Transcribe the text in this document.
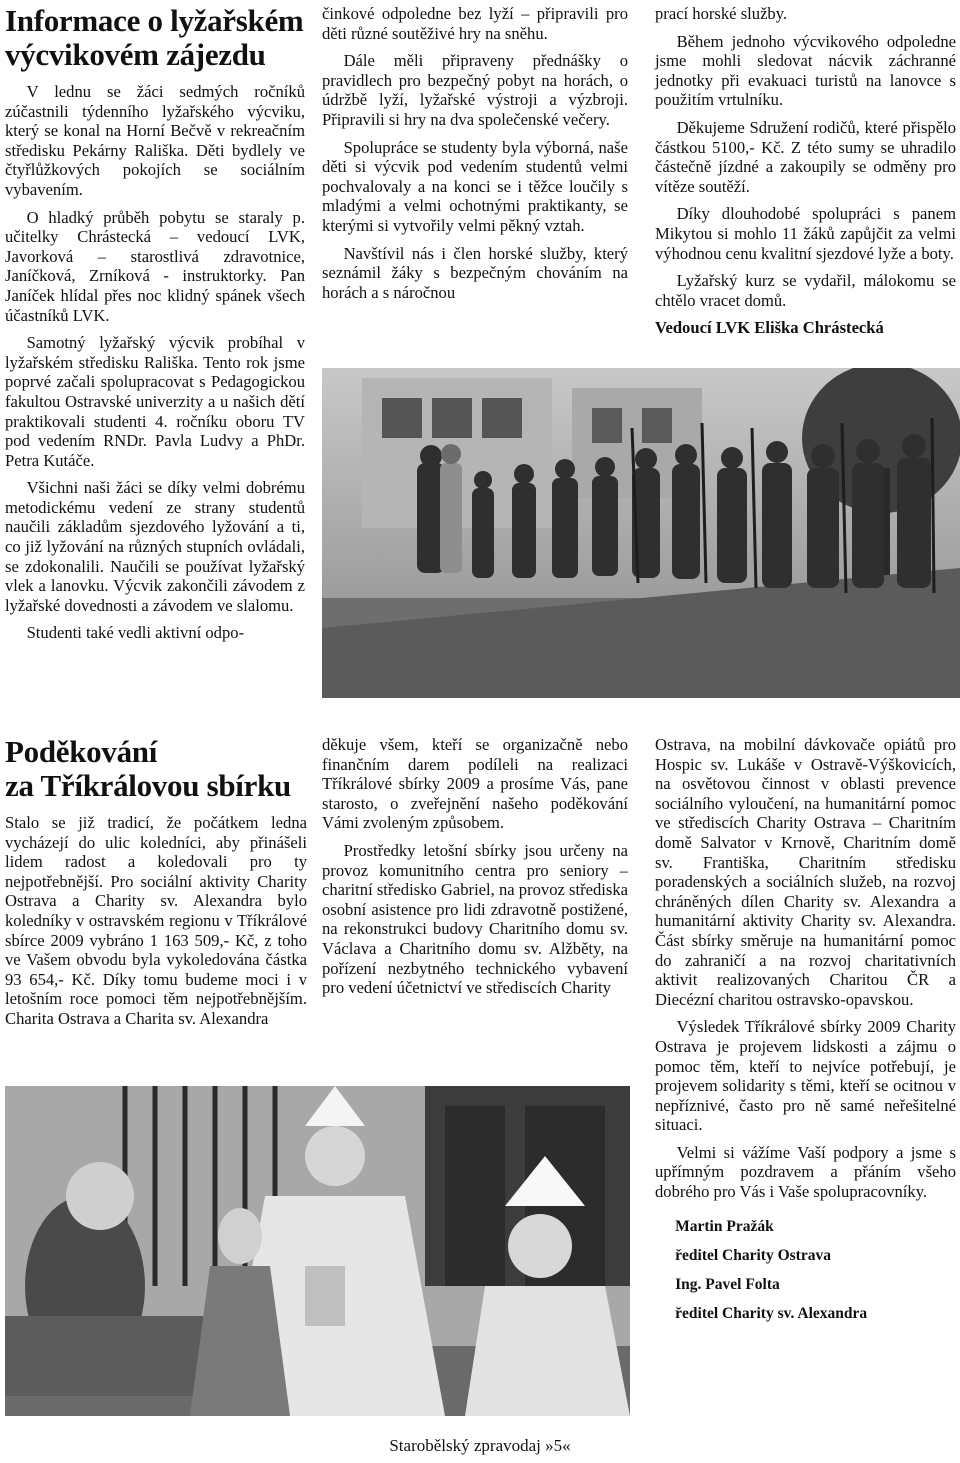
Informace o lyžařském
výcvikovém zájezdu

V lednu se žáci sedmých ročníků zúčastnili týdenního lyžařského výcviku, který se konal na Horní Bečvě v rekreačním středisku Pekárny Rališka. Děti bydlely ve čtyřlůžkových pokojích se sociálním vybavením.

O hladký průběh pobytu se staraly p. učitelky Chrástecká – vedoucí LVK, Javorková – starostlivá zdravotnice, Janíčková, Zrníková - instruktorky. Pan Janíček hlídal přes noc klidný spánek všech účastníků LVK.

Samotný lyžařský výcvik probíhal v lyžařském středisku Rališka. Tento rok jsme poprvé začali spolupracovat s Pedagogickou fakultou Ostravské univerzity a u našich dětí praktikovali studenti 4. ročníku oboru TV pod vedením RNDr. Pavla Ludvy a PhDr. Petra Kutáče.

Všichni naši žáci se díky velmi dobrému metodickému vedení ze strany studentů naučili základům sjezdového lyžování a ti, co již lyžování na různých stupních ovládali, se zdokonalili. Naučili se používat lyžařský vlek a lanovku. Výcvik zakončili závodem z lyžařské dovednosti a závodem ve slalomu.

Studenti také vedli aktivní odpo-

činkové odpoledne bez lyží – připravili pro děti různé soutěživé hry na sněhu.

Dále měli připraveny přednášky o pravidlech pro bezpečný pobyt na horách, o údržbě lyží, lyžařské výstroji a výzbroji. Připravili si hry na dva společenské večery.

Spolupráce se studenty byla výborná, naše děti si výcvik pod vedením studentů velmi pochvalovaly a na konci se i těžce loučily s mladými a velmi ochotnými praktikanty, se kterými si vytvořily velmi pěkný vztah.

Navštívil nás i člen horské služby, který seznámil žáky s bezpečným chováním na horách a s náročnou

prací horské služby.

Během jednoho výcvikového odpoledne jsme mohli sledovat nácvik záchranné jednotky při evakuaci turistů na lanovce s použitím vrtulníku.

Děkujeme Sdružení rodičů, které přispělo částkou 5100,- Kč. Z této sumy se uhradilo částečně jízdné a zakoupily se odměny pro vítěze soutěží.

Díky dlouhodobé spolupráci s panem Mikytou si mohlo 11 žáků zapůjčit za velmi výhodnou cenu kvalitní sjezdové lyže a boty.

Lyžařský kurz se vydařil, málokomu se chtělo vracet domů.

Vedoucí LVK Eliška Chrástecká

Poděkování
za Tříkrálovou sbírku

Stalo se již tradicí, že počátkem ledna vycházejí do ulic koledníci, aby přinášeli lidem radost a koledovali pro ty nejpotřebnější. Pro sociální aktivity Charity Ostrava a Charity sv. Alexandra bylo koledníky v ostravském regionu v Tříkrálové sbírce 2009 vybráno 1 163 509,- Kč, z toho ve Vašem obvodu byla vykoledována částka 93 654,- Kč. Díky tomu budeme moci i v letošním roce pomoci těm nejpotřebnějším. Charita Ostrava a Charita sv. Alexandra

děkuje všem, kteří se organizačně nebo finančním darem podíleli na realizaci Tříkrálové sbírky 2009 a prosíme Vás, pane starosto, o zveřejnění našeho poděkování Vámi zvoleným způsobem.

Prostředky letošní sbírky jsou určeny na provoz komunitního centra pro seniory – charitní středisko Gabriel, na provoz střediska osobní asistence pro lidi zdravotně postižené, na rekonstrukci budovy Charitního domu sv. Václava a Charitního domu sv. Alžběty, na pořízení nezbytného technického vybavení pro vedení účetnictví ve střediscích Charity

Ostrava, na mobilní dávkovače opiátů pro Hospic sv. Lukáše v Ostravě-Výškovicích, na osvětovou činnost v oblasti prevence sociálního vyloučení, na humanitární pomoc ve střediscích Charity Ostrava – Charitním domě Salvator v Krnově, Charitním domě sv. Františka, Charitním středisku poradenských a sociálních služeb, na rozvoj chráněných dílen Charity sv. Alexandra a humanitární aktivity Charity sv. Alexandra. Část sbírky směruje na humanitární pomoc do zahraničí a na rozvoj charitativních aktivit realizovaných Charitou ČR a Diecézní charitou ostravsko-opavskou.

Výsledek Tříkrálové sbírky 2009 Charity Ostrava je projevem lidskosti a zájmu o pomoc těm, kteří to nejvíce potřebují, je projevem solidarity s těmi, kteří se ocitnou v nepříznivé, často pro ně samé neřešitelné situaci.

Velmi si vážíme Vaší podpory a jsme s upřímným pozdravem a přáním všeho dobrého pro Vás i Vaše spolupracovníky.

Martin Pražák

ředitel Charity Ostrava

Ing. Pavel Folta

ředitel Charity sv. Alexandra

Starobělský zpravodaj »5«
